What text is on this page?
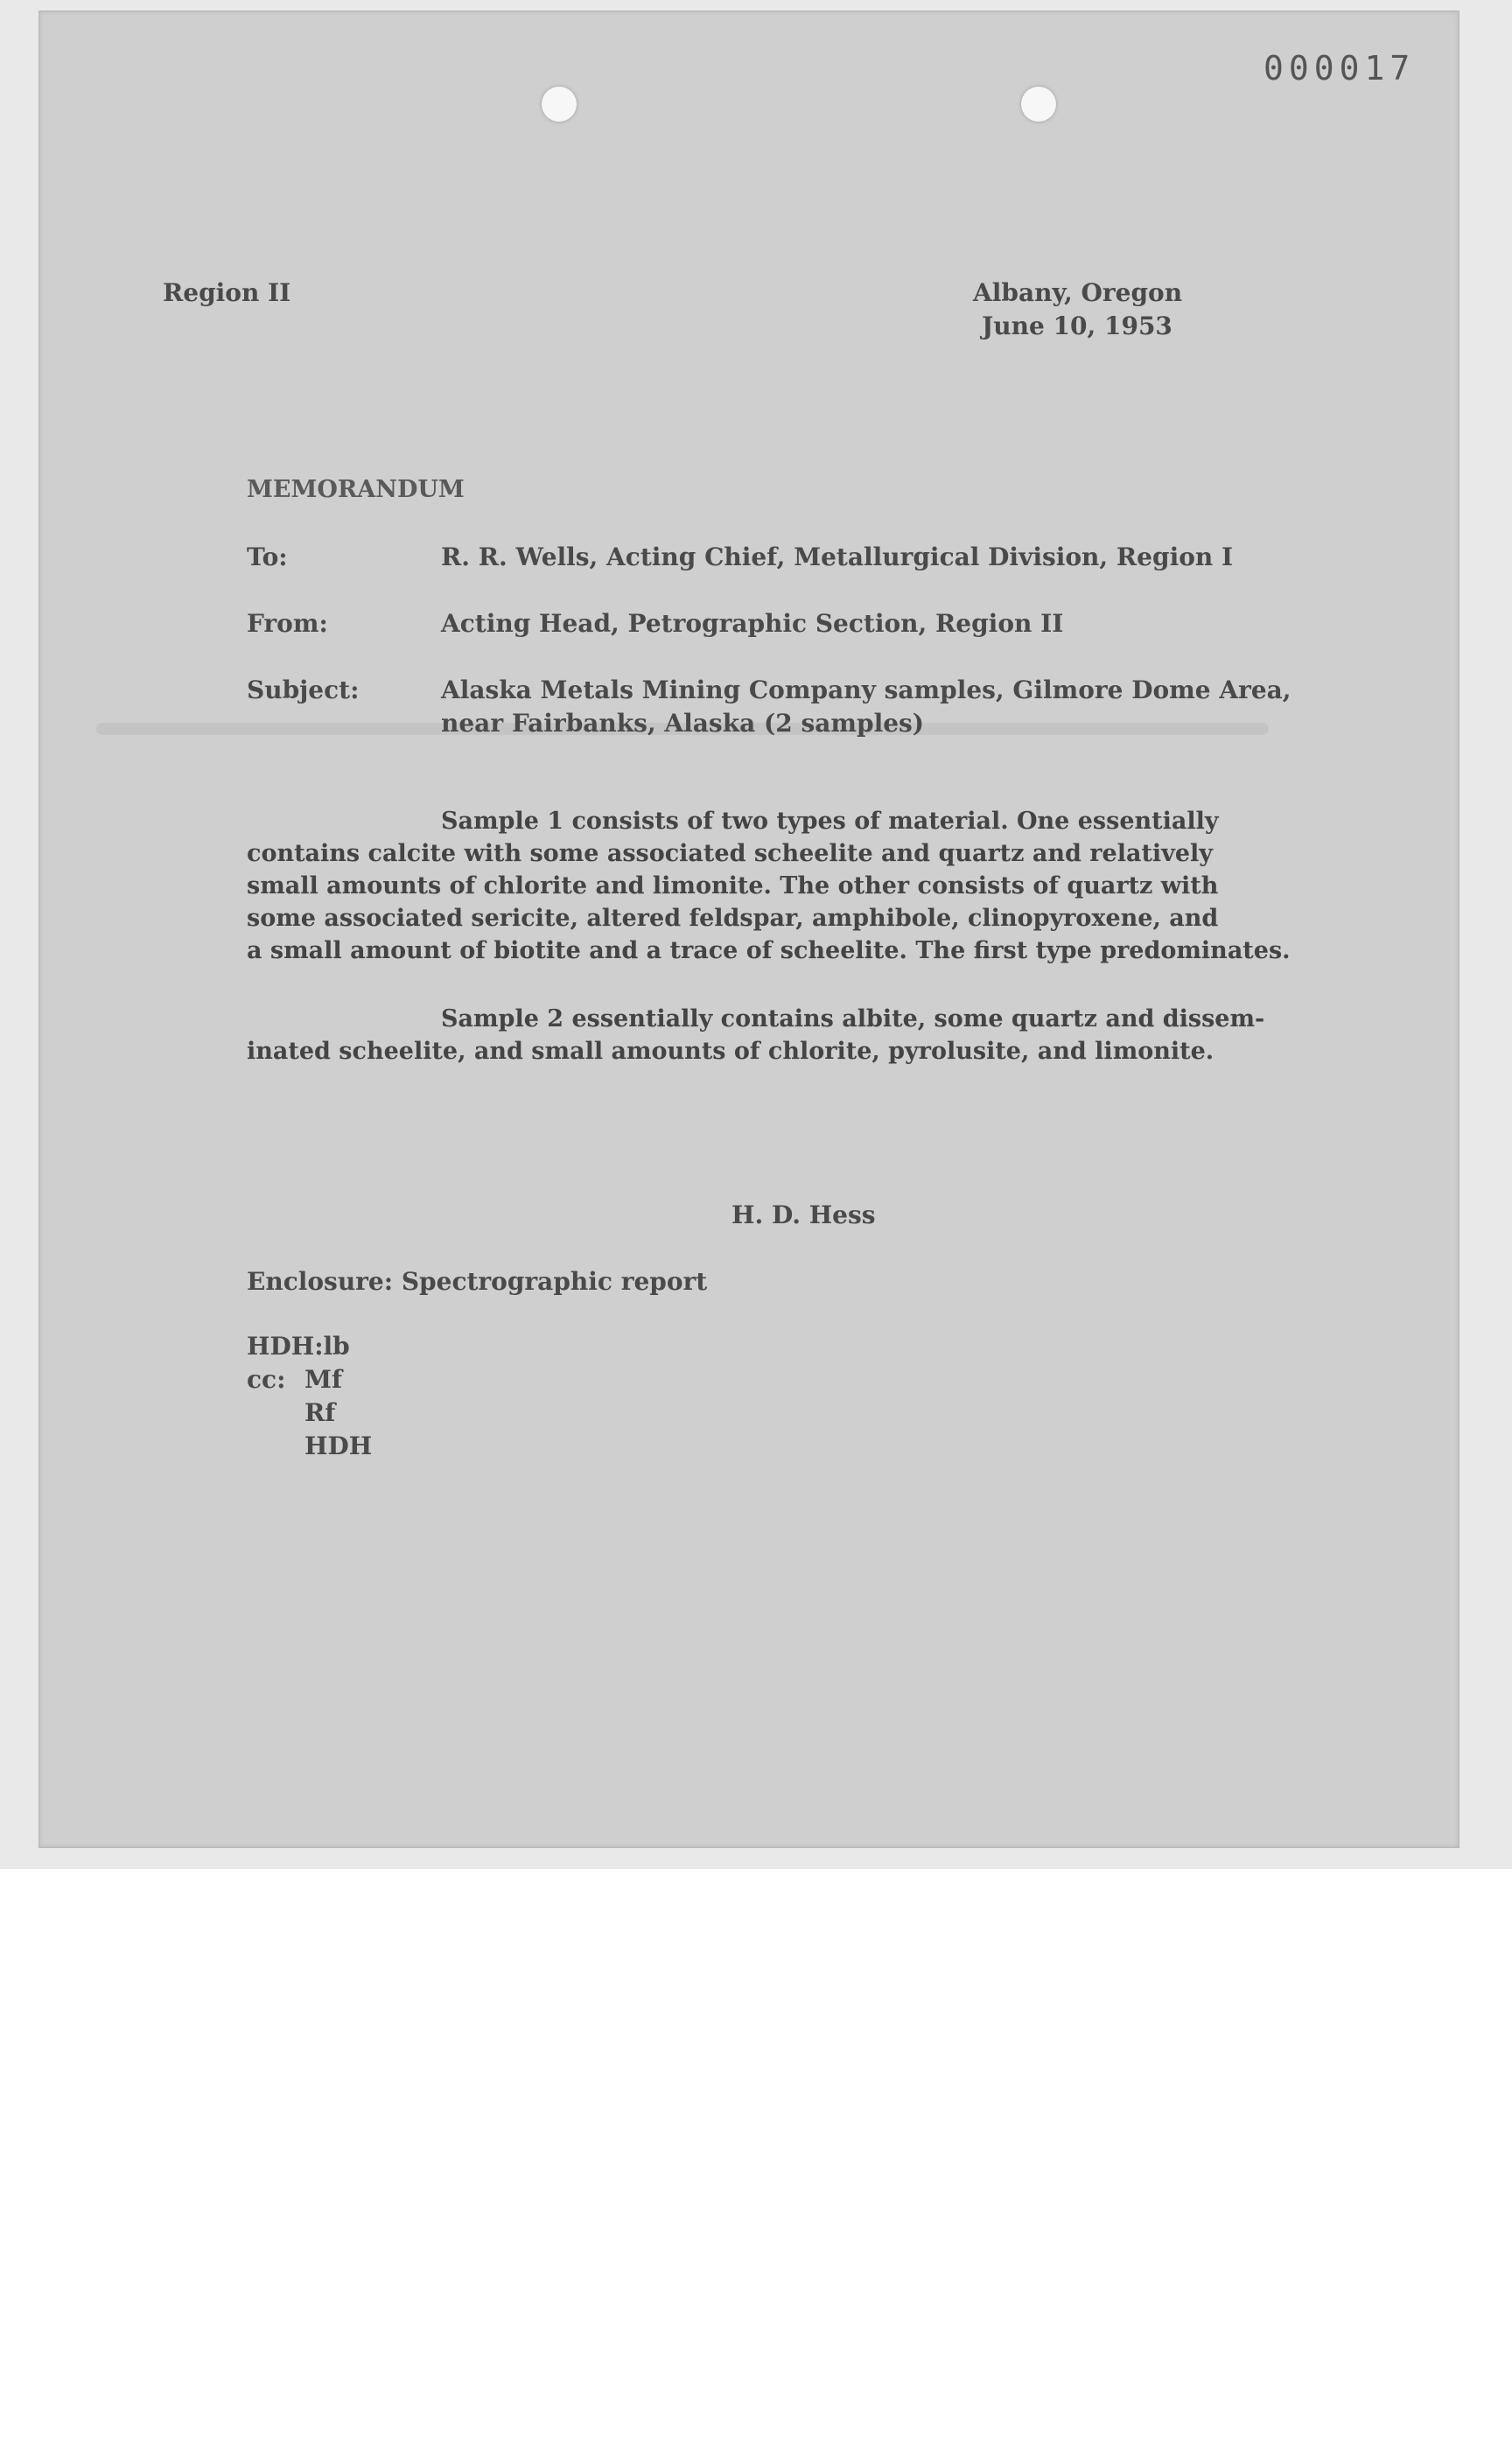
000017
Region II	Albany, Oregon
June 10, 1953
MEMORANDUM
To:	R. R. Wells, Acting Chief, Metallurgical Division, Region I
From:	Acting Head, Petrographic Section, Region II
Subject:	Alaska Metals Mining Company samples, Gilmore Dome Area,
near Fairbanks, Alaska (2 samples)
Sample 1 consists of two types of material. One essentially
contains calcite with some associated scheelite and quartz and relatively
small amounts of chlorite and limonite. The other consists of quartz with
some associated sericite, altered feldspar, amphibole, clinopyroxene, and
a small amount of biotite and a trace of scheelite. The first type predominates.
Sample 2 essentially contains albite, some quartz and dissem-
inated scheelite, and small amounts of chlorite, pyrolusite, and limonite.
H. D. Hess
Enclosure: Spectrographic report
HDH:lb
cc: Mf
Rf
HDH
